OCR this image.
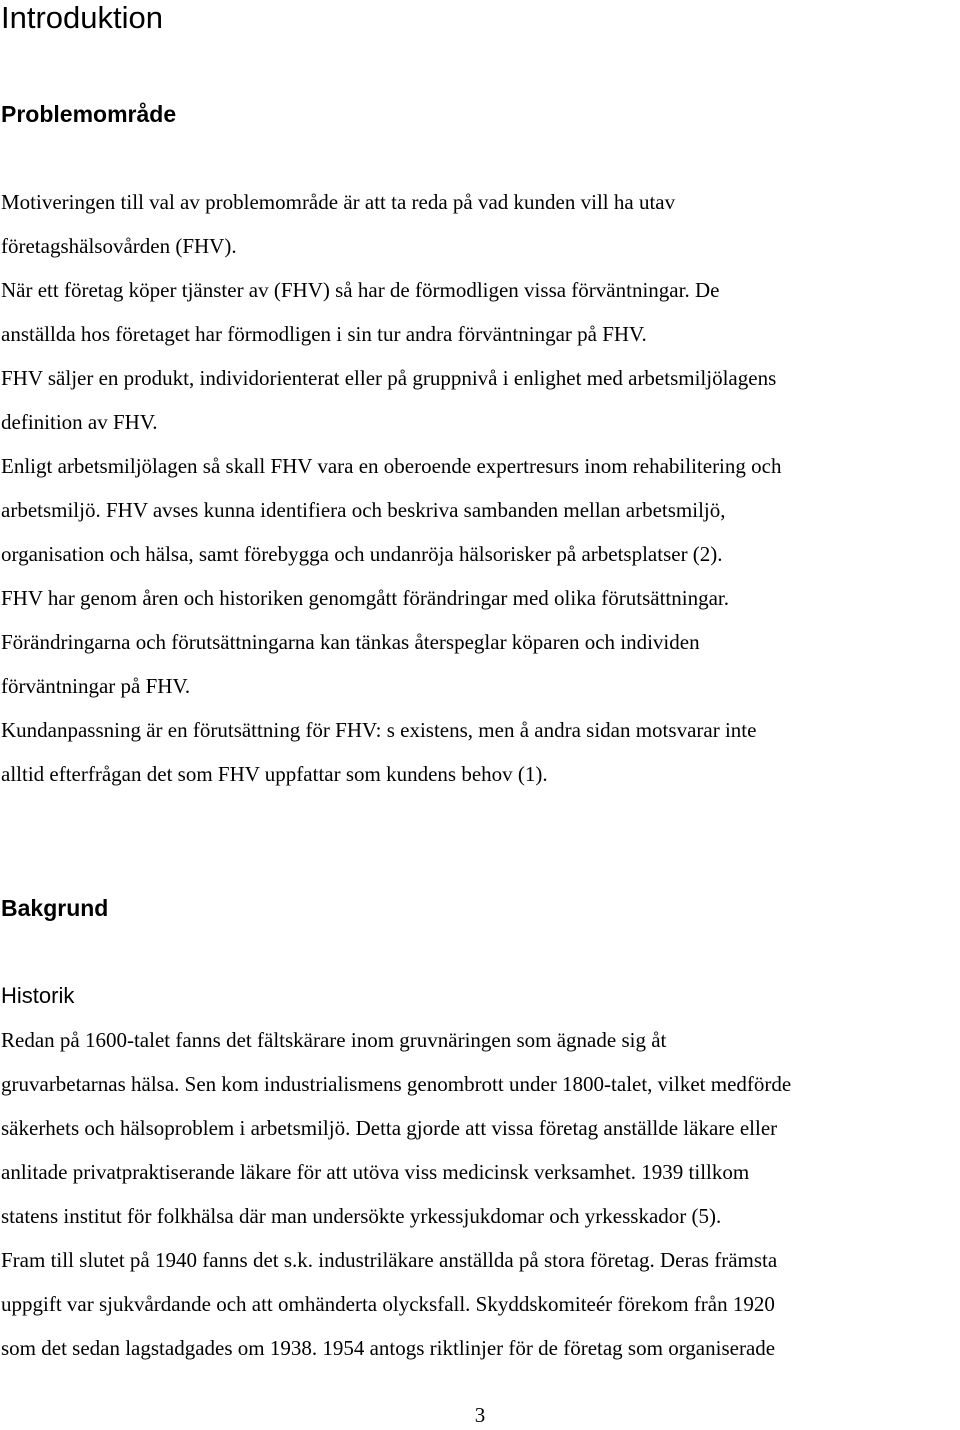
Introduktion
Problemområde
Motiveringen till val av problemområde är att ta reda på vad kunden vill ha utav
företagshälsovården (FHV).
När ett företag köper tjänster av (FHV) så har de förmodligen vissa förväntningar. De
anställda hos företaget har förmodligen i sin tur andra förväntningar på FHV.
FHV säljer en produkt, individorienterat eller på gruppnivå i enlighet med arbetsmiljölagens
definition av FHV.
Enligt arbetsmiljölagen så skall FHV vara en oberoende expertresurs inom rehabilitering och
arbetsmiljö. FHV avses kunna identifiera och beskriva sambanden mellan arbetsmiljö,
organisation och hälsa, samt förebygga och undanröja hälsorisker på arbetsplatser (2).
FHV har genom åren och historiken genomgått förändringar med olika förutsättningar.
Förändringarna och förutsättningarna kan tänkas återspeglar köparen och individen
förväntningar på FHV.
Kundanpassning är en förutsättning för FHV: s existens, men å andra sidan motsvarar inte
alltid efterfrågan det som FHV uppfattar som kundens behov (1).
Bakgrund
Historik
Redan på 1600-talet fanns det fältskärare inom gruvnäringen som ägnade sig åt
gruvarbetarnas hälsa. Sen kom industrialismens genombrott under 1800-talet, vilket medförde
säkerhets och hälsoproblem i arbetsmiljö. Detta gjorde att vissa företag anställde läkare eller
anlitade privatpraktiserande läkare för att utöva viss medicinsk verksamhet. 1939 tillkom
statens institut för folkhälsa där man undersökte yrkessjukdomar och yrkesskador (5).
Fram till slutet på 1940 fanns det s.k. industriläkare anställda på stora företag. Deras främsta
uppgift var sjukvårdande och att omhänderta olycksfall. Skyddskomiteér förekom från 1920
som det sedan lagstadgades om 1938. 1954 antogs riktlinjer för de företag som organiserade
3
